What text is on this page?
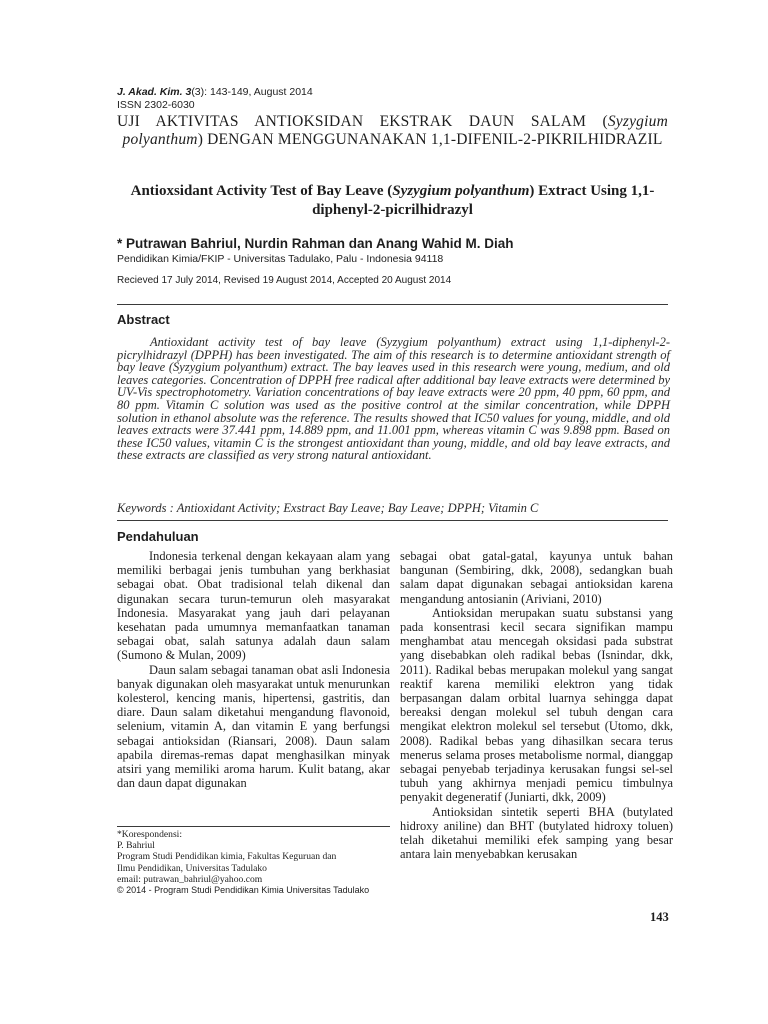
J. Akad. Kim. 3(3): 143-149, August 2014
ISSN 2302-6030
UJI AKTIVITAS ANTIOKSIDAN EKSTRAK DAUN SALAM (Syzygium polyanthum) DENGAN MENGGUNANAKAN 1,1-DIFENIL-2-PIKRILHIDRAZIL
Antioxsidant Activity Test of Bay Leave (Syzygium polyanthum) Extract Using 1,1-diphenyl-2-picrilhidrazyl
* Putrawan Bahriul, Nurdin Rahman dan Anang Wahid M. Diah
Pendidikan Kimia/FKIP - Universitas Tadulako, Palu - Indonesia 94118
Recieved 17 July 2014, Revised 19 August 2014, Accepted 20 August 2014
Abstract
Antioxidant activity test of bay leave (Syzygium polyanthum) extract using 1,1-diphenyl-2-picrylhidrazyl (DPPH) has been investigated. The aim of this research is to determine antioxidant strength of bay leave (Syzygium polyanthum) extract. The bay leaves used in this research were young, medium, and old leaves categories. Concentration of DPPH free radical after additional bay leave extracts were determined by UV-Vis spectrophotometry. Variation concentrations of bay leave extracts were 20 ppm, 40 ppm, 60 ppm, and 80 ppm. Vitamin C solution was used as the positive control at the similar concentration, while DPPH solution in ethanol absolute was the reference. The results showed that IC50 values for young, middle, and old leaves extracts were 37.441 ppm, 14.889 ppm, and 11.001 ppm, whereas vitamin C was 9.898 ppm. Based on these IC50 values, vitamin C is the strongest antioxidant than young, middle, and old bay leave extracts, and these extracts are classified as very strong natural antioxidant.
Keywords : Antioxidant Activity; Exstract Bay Leave; Bay Leave; DPPH; Vitamin C
Pendahuluan

Indonesia terkenal dengan kekayaan alam yang memiliki berbagai jenis tumbuhan yang berkhasiat sebagai obat. Obat tradisional telah dikenal dan digunakan secara turun-temurun oleh masyarakat Indonesia. Masyarakat yang jauh dari pelayanan kesehatan pada umumnya memanfaatkan tanaman sebagai obat, salah satunya adalah daun salam (Sumono & Mulan, 2009)

Daun salam sebagai tanaman obat asli Indonesia banyak digunakan oleh masyarakat untuk menurunkan kolesterol, kencing manis, hipertensi, gastritis, dan diare. Daun salam diketahui mengandung flavonoid, selenium, vitamin A, dan vitamin E yang berfungsi sebagai antioksidan (Riansari, 2008). Daun salam apabila diremas-remas dapat menghasilkan minyak atsiri yang memiliki aroma harum. Kulit batang, akar dan daun dapat digunakan

sebagai obat gatal-gatal, kayunya untuk bahan bangunan (Sembiring, dkk, 2008), sedangkan buah salam dapat digunakan sebagai antioksidan karena mengandung antosianin (Ariviani, 2010)

Antioksidan merupakan suatu substansi yang pada konsentrasi kecil secara signifikan mampu menghambat atau mencegah oksidasi pada substrat yang disebabkan oleh radikal bebas (Isnindar, dkk, 2011). Radikal bebas merupakan molekul yang sangat reaktif karena memiliki elektron yang tidak berpasangan dalam orbital luarnya sehingga dapat bereaksi dengan molekul sel tubuh dengan cara mengikat elektron molekul sel tersebut (Utomo, dkk, 2008). Radikal bebas yang dihasilkan secara terus menerus selama proses metabolisme normal, dianggap sebagai penyebab terjadinya kerusakan fungsi sel-sel tubuh yang akhirnya menjadi pemicu timbulnya penyakit degeneratif (Juniarti, dkk, 2009)

Antioksidan sintetik seperti BHA (butylated hidroxy aniline) dan BHT (butylated hidroxy toluen) telah diketahui memiliki efek samping yang besar antara lain menyebabkan kerusakan

*Korespondensi:
P. Bahriul
Program Studi Pendidikan kimia, Fakultas Keguruan dan
Ilmu Pendidikan, Universitas Tadulako
email: putrawan_bahriul@yahoo.com
© 2014 - Program Studi Pendidikan Kimia Universitas Tadulako
143
